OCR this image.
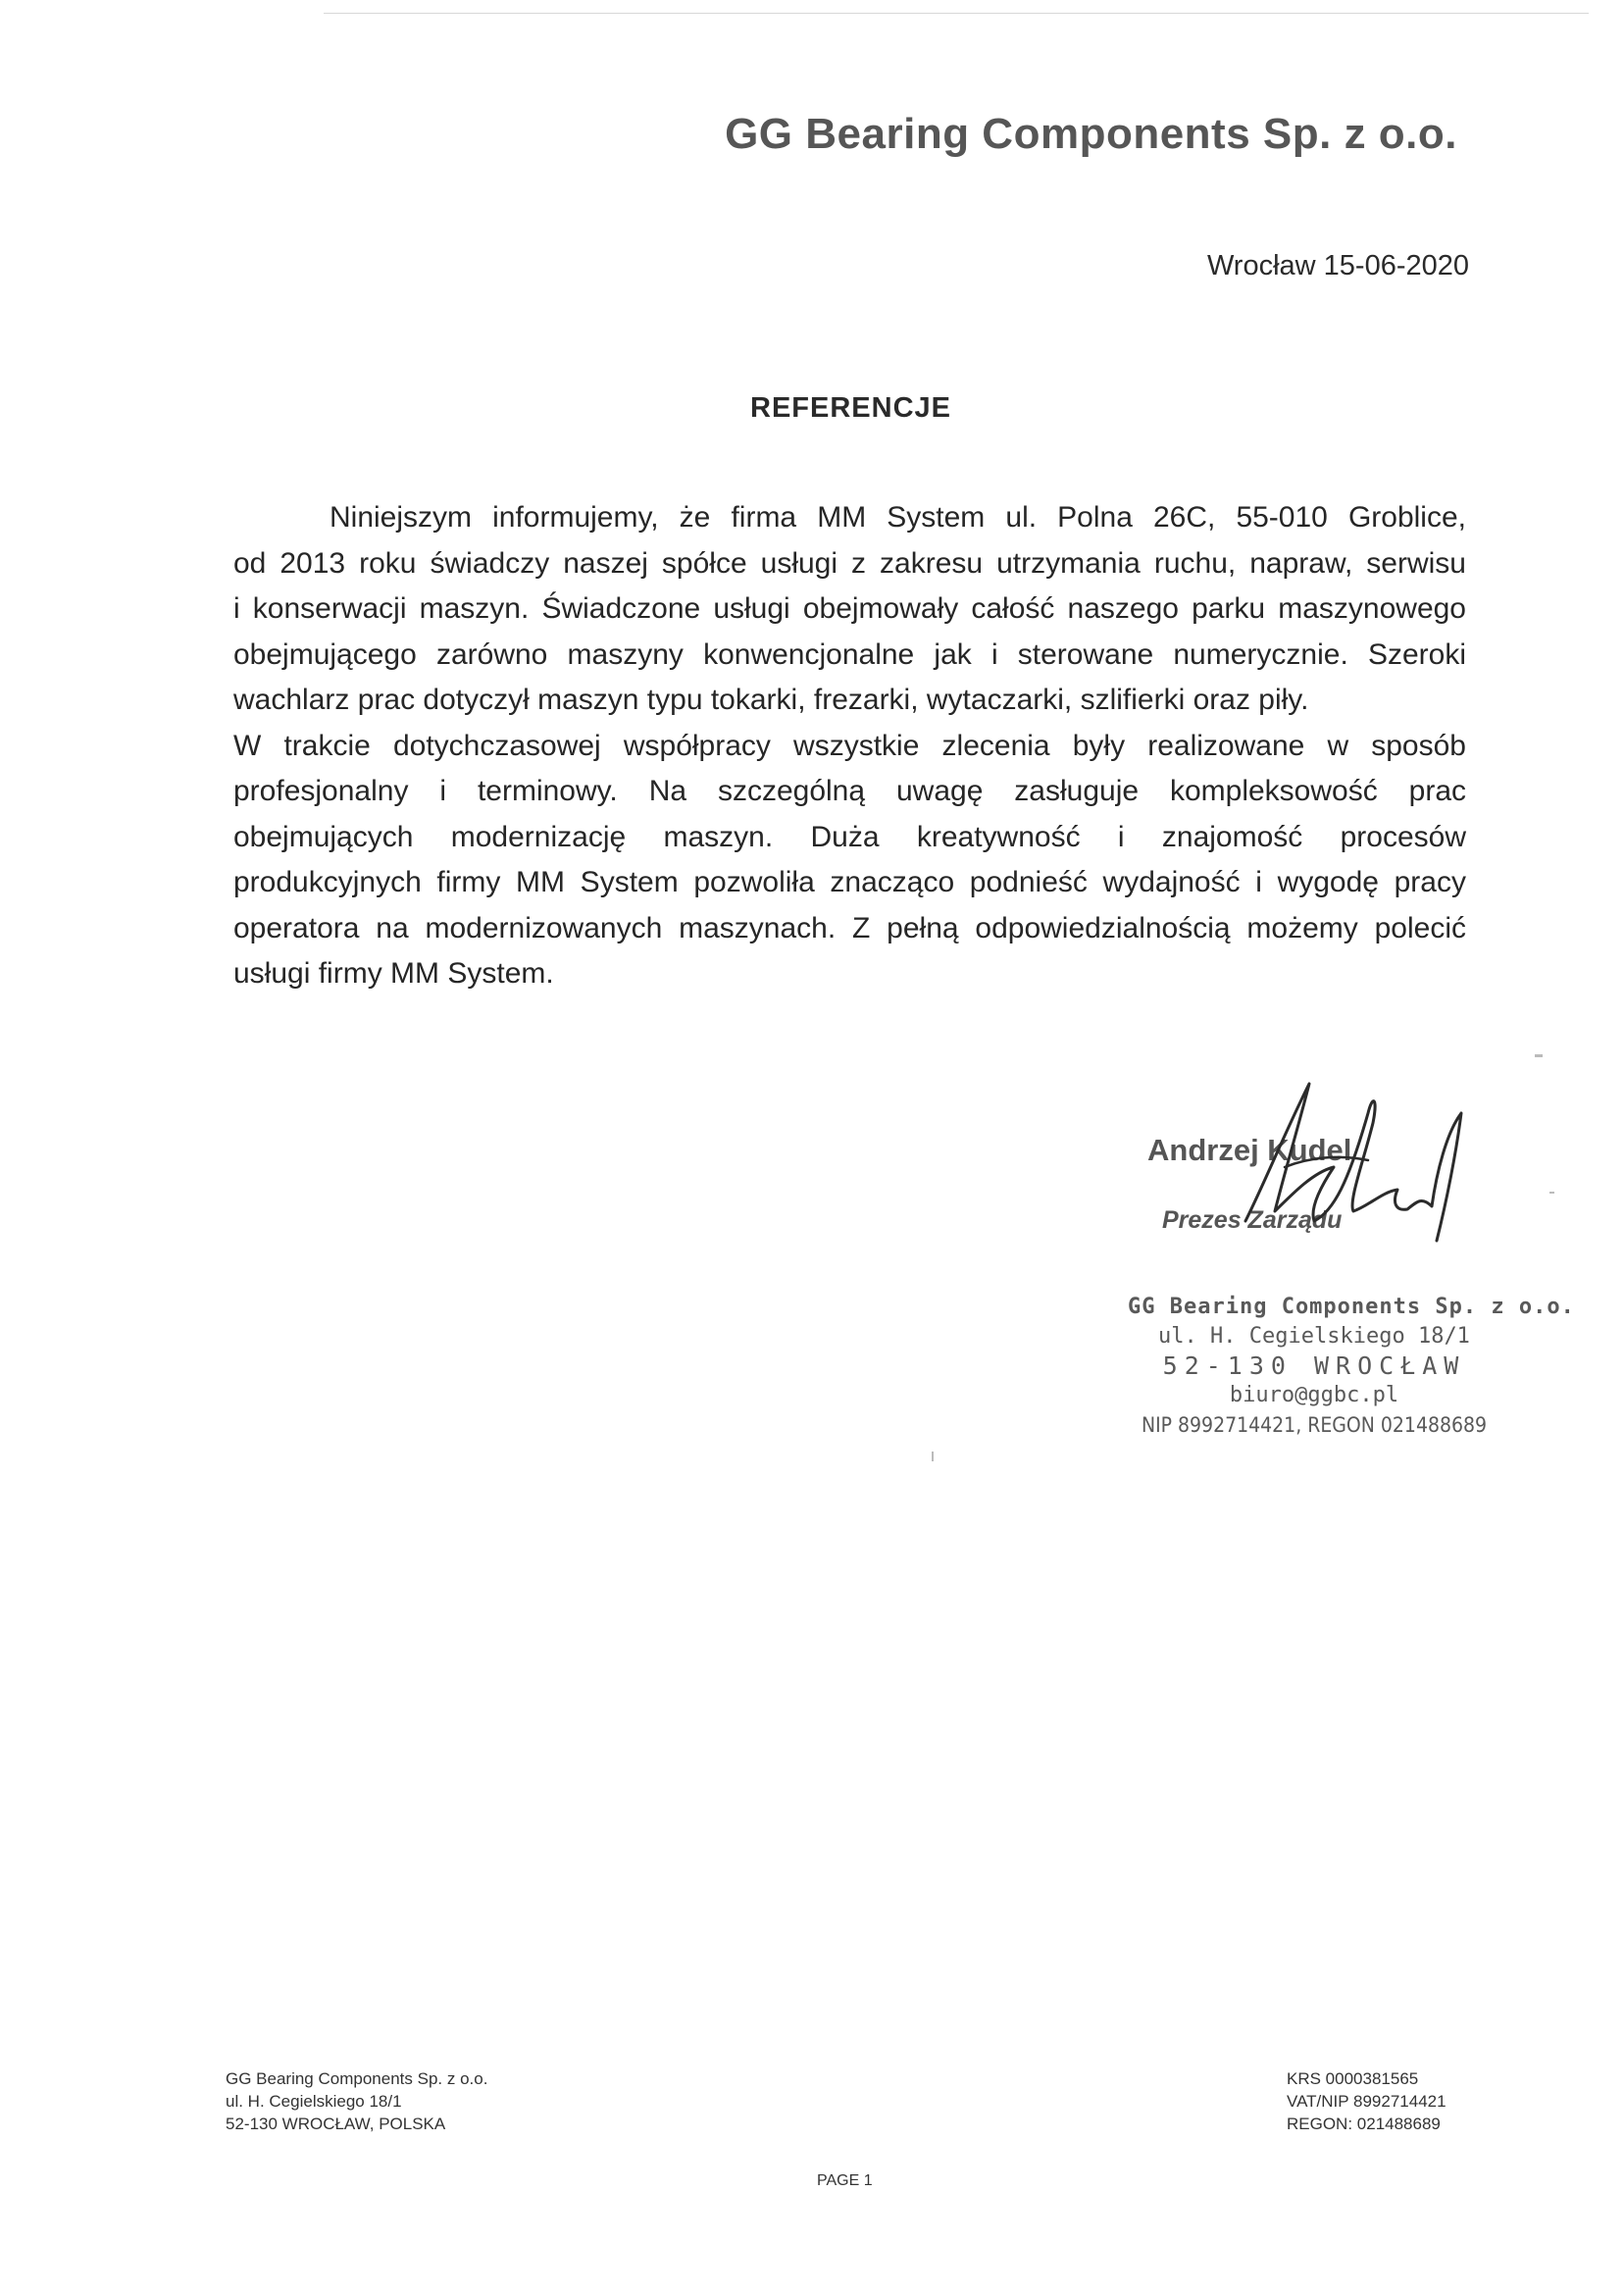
GG Bearing Components Sp. z o.o.
Wrocław 15-06-2020
REFERENCJE
Niniejszym informujemy, że firma MM System ul. Polna 26C, 55-010 Groblice,
od 2013 roku świadczy naszej spółce usługi z zakresu utrzymania ruchu, napraw, serwisu
i konserwacji maszyn. Świadczone usługi obejmowały całość naszego parku maszynowego
obejmującego zarówno maszyny konwencjonalne jak i sterowane numerycznie. Szeroki
wachlarz prac dotyczył maszyn typu tokarki, frezarki, wytaczarki, szlifierki oraz piły.
W trakcie dotychczasowej współpracy wszystkie zlecenia były realizowane w sposób
profesjonalny i terminowy. Na szczególną uwagę zasługuje kompleksowość prac
obejmujących modernizację maszyn. Duża kreatywność i znajomość procesów
produkcyjnych firmy MM System pozwoliła znacząco podnieść wydajność i wygodę pracy
operatora na modernizowanych maszynach. Z pełną odpowiedzialnością możemy polecić
usługi firmy MM System.
Andrzej Kudel
Prezes Zarządu
GG Bearing Components Sp. z o.o.
ul. H. Cegielskiego 18/1
52-130 WROCŁAW
biuro@ggbc.pl
NIP 8992714421, REGON 021488689
GG Bearing Components Sp. z o.o.
ul. H. Cegielskiego 18/1
52-130 WROCŁAW, POLSKA
KRS 0000381565
VAT/NIP 8992714421
REGON: 021488689
PAGE 1
